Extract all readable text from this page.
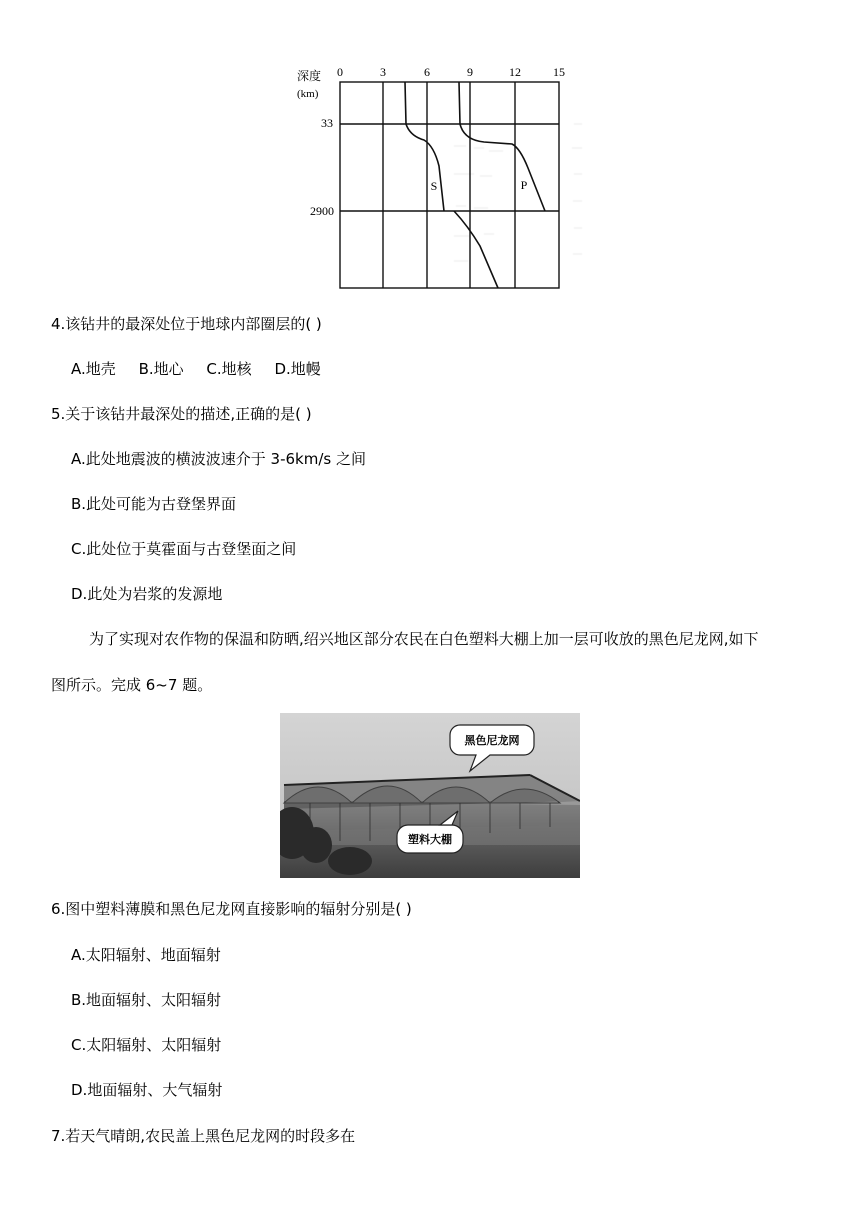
深度
(km)
0	3	6	9	12	15
33
2900
S	P
4.该钻井的最深处位于地球内部圈层的( )
A.地壳 B.地心 C.地核 D.地幔
5.关于该钻井最深处的描述,正确的是( )
A.此处地震波的横波波速介于 3-6km/s 之间
B.此处可能为古登堡界面
C.此处位于莫霍面与古登堡面之间
D.此处为岩浆的发源地
为了实现对农作物的保温和防晒,绍兴地区部分农民在白色塑料大棚上加一层可收放的黑色尼龙网,如下
图所示。完成 6~7 题。
黑色尼龙网
塑料大棚
6.图中塑料薄膜和黑色尼龙网直接影响的辐射分别是( )
A.太阳辐射、地面辐射
B.地面辐射、太阳辐射
C.太阳辐射、太阳辐射
D.地面辐射、大气辐射
7.若天气晴朗,农民盖上黑色尼龙网的时段多在
